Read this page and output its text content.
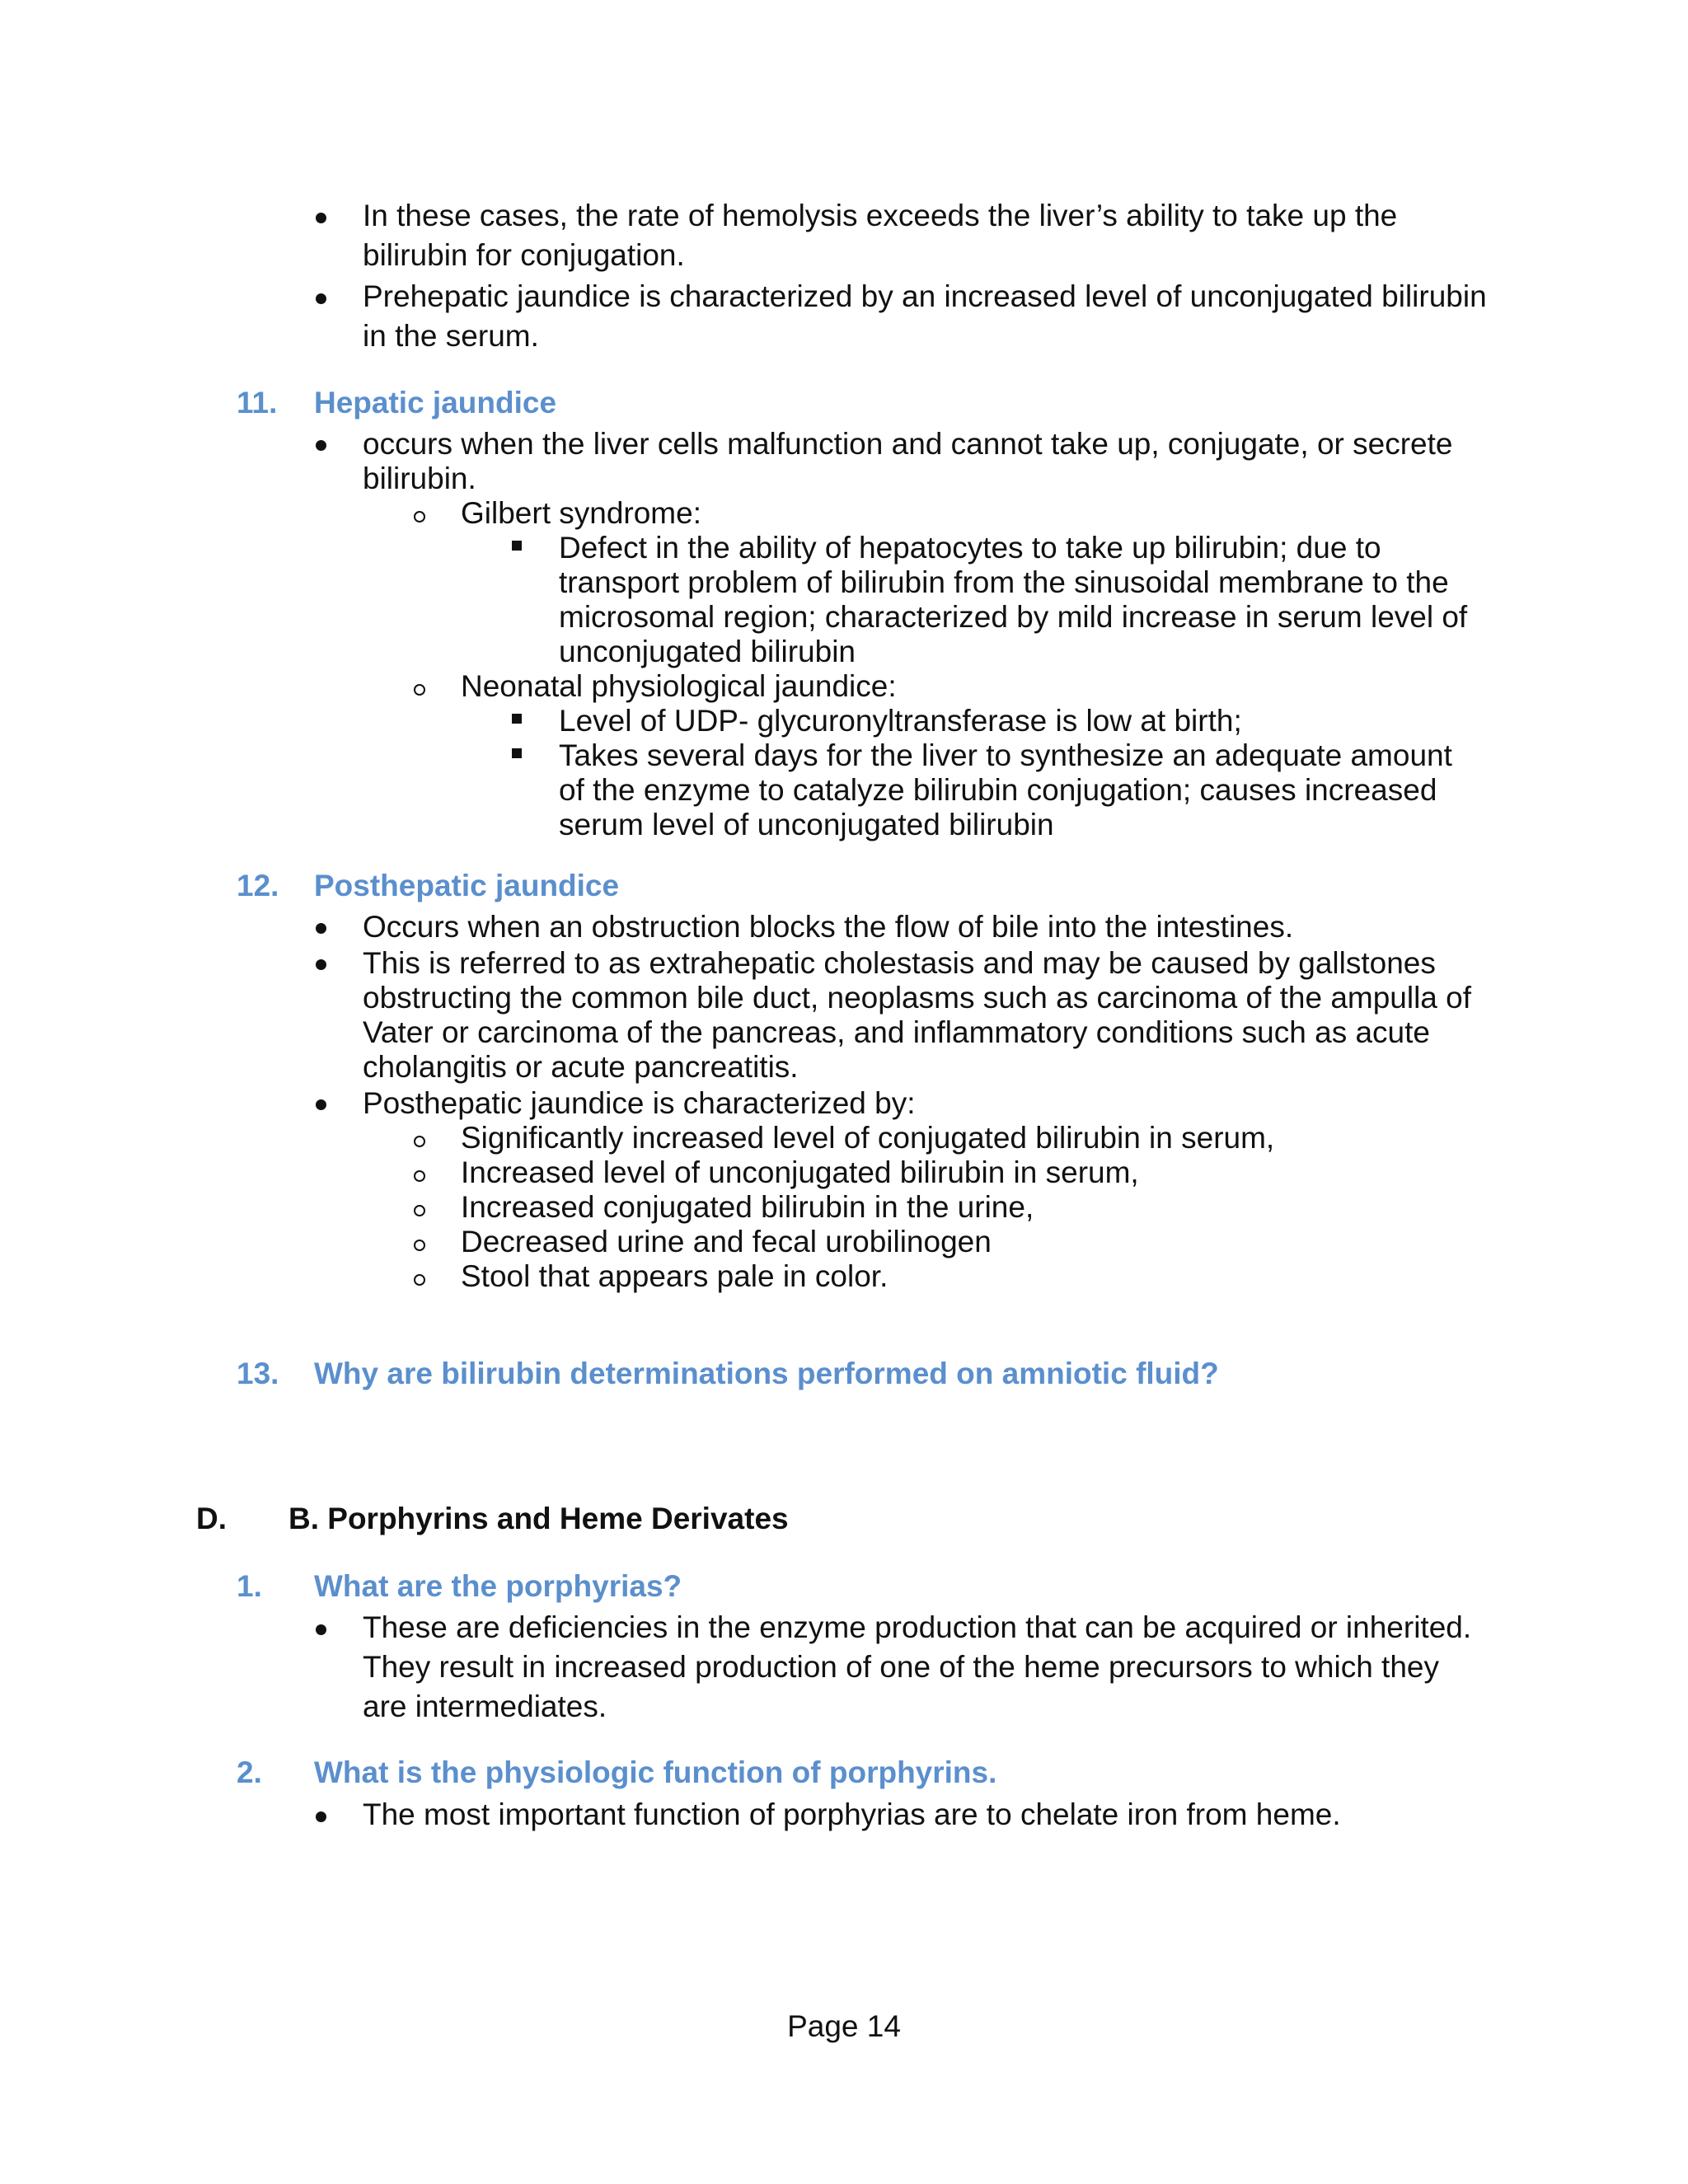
In these cases, the rate of hemolysis exceeds the liver’s ability to take up the
bilirubin for conjugation.
Prehepatic jaundice is characterized by an increased level of unconjugated bilirubin
in the serum.
11. Hepatic jaundice
occurs when the liver cells malfunction and cannot take up, conjugate, or secrete
bilirubin.
Gilbert syndrome:
Defect in the ability of hepatocytes to take up bilirubin; due to
transport problem of bilirubin from the sinusoidal membrane to the
microsomal region; characterized by mild increase in serum level of
unconjugated bilirubin
Neonatal physiological jaundice:
Level of UDP- glycuronyltransferase is low at birth;
Takes several days for the liver to synthesize an adequate amount
of the enzyme to catalyze bilirubin conjugation; causes increased
serum level of unconjugated bilirubin
12. Posthepatic jaundice
Occurs when an obstruction blocks the flow of bile into the intestines.
This is referred to as extrahepatic cholestasis and may be caused by gallstones
obstructing the common bile duct, neoplasms such as carcinoma of the ampulla of
Vater or carcinoma of the pancreas, and inflammatory conditions such as acute
cholangitis or acute pancreatitis.
Posthepatic jaundice is characterized by:
Significantly increased level of conjugated bilirubin in serum,
Increased level of unconjugated bilirubin in serum,
Increased conjugated bilirubin in the urine,
Decreased urine and fecal urobilinogen
Stool that appears pale in color.
13. Why are bilirubin determinations performed on amniotic fluid?
D. B. Porphyrins and Heme Derivates
1. What are the porphyrias?
These are deficiencies in the enzyme production that can be acquired or inherited.
They result in increased production of one of the heme precursors to which they
are intermediates.
2. What is the physiologic function of porphyrins.
The most important function of porphyrias are to chelate iron from heme.
Page 14
